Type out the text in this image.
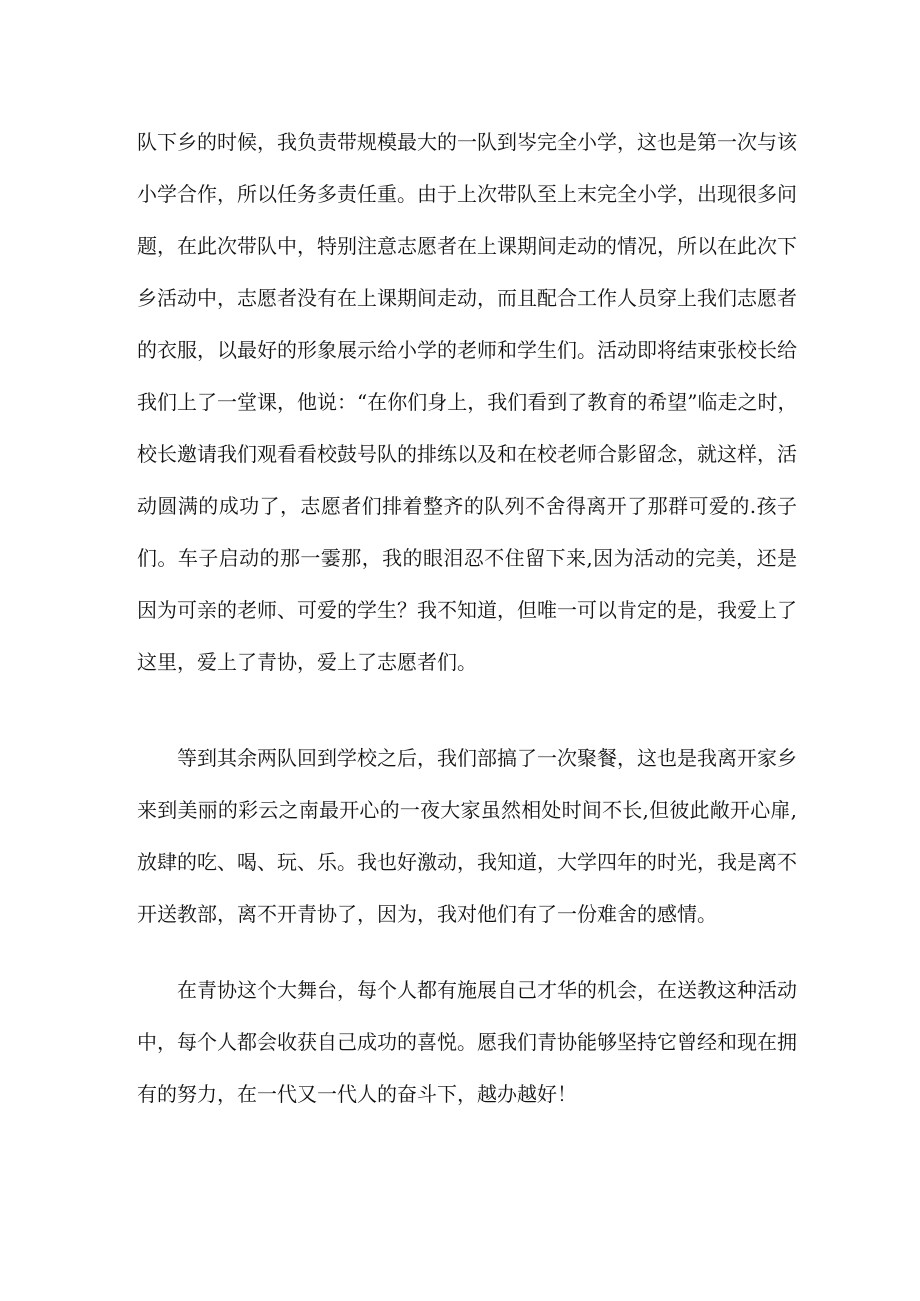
队下乡的时候，我负责带规模最大的一队到岑完全小学，这也是第一次与该
小学合作，所以任务多责任重。由于上次带队至上末完全小学，出现很多问
题，在此次带队中，特别注意志愿者在上课期间走动的情况，所以在此次下
乡活动中，志愿者没有在上课期间走动，而且配合工作人员穿上我们志愿者
的衣服，以最好的形象展示给小学的老师和学生们。活动即将结束张校长给
我们上了一堂课，他说：“在你们身上，我们看到了教育的希望”临走之时，
校长邀请我们观看看校鼓号队的排练以及和在校老师合影留念，就这样，活
动圆满的成功了，志愿者们排着整齐的队列不舍得离开了那群可爱的.孩子
们。车子启动的那一霎那，我的眼泪忍不住留下来,因为活动的完美，还是
因为可亲的老师、可爱的学生？我不知道，但唯一可以肯定的是，我爱上了
这里，爱上了青协，爱上了志愿者们。
等到其余两队回到学校之后，我们部搞了一次聚餐，这也是我离开家乡
来到美丽的彩云之南最开心的一夜大家虽然相处时间不长,但彼此敞开心扉,
放肆的吃、喝、玩、乐。我也好激动，我知道，大学四年的时光，我是离不
开送教部，离不开青协了，因为，我对他们有了一份难舍的感情。
在青协这个大舞台，每个人都有施展自己才华的机会，在送教这种活动
中，每个人都会收获自己成功的喜悦。愿我们青协能够坚持它曾经和现在拥
有的努力，在一代又一代人的奋斗下，越办越好！
